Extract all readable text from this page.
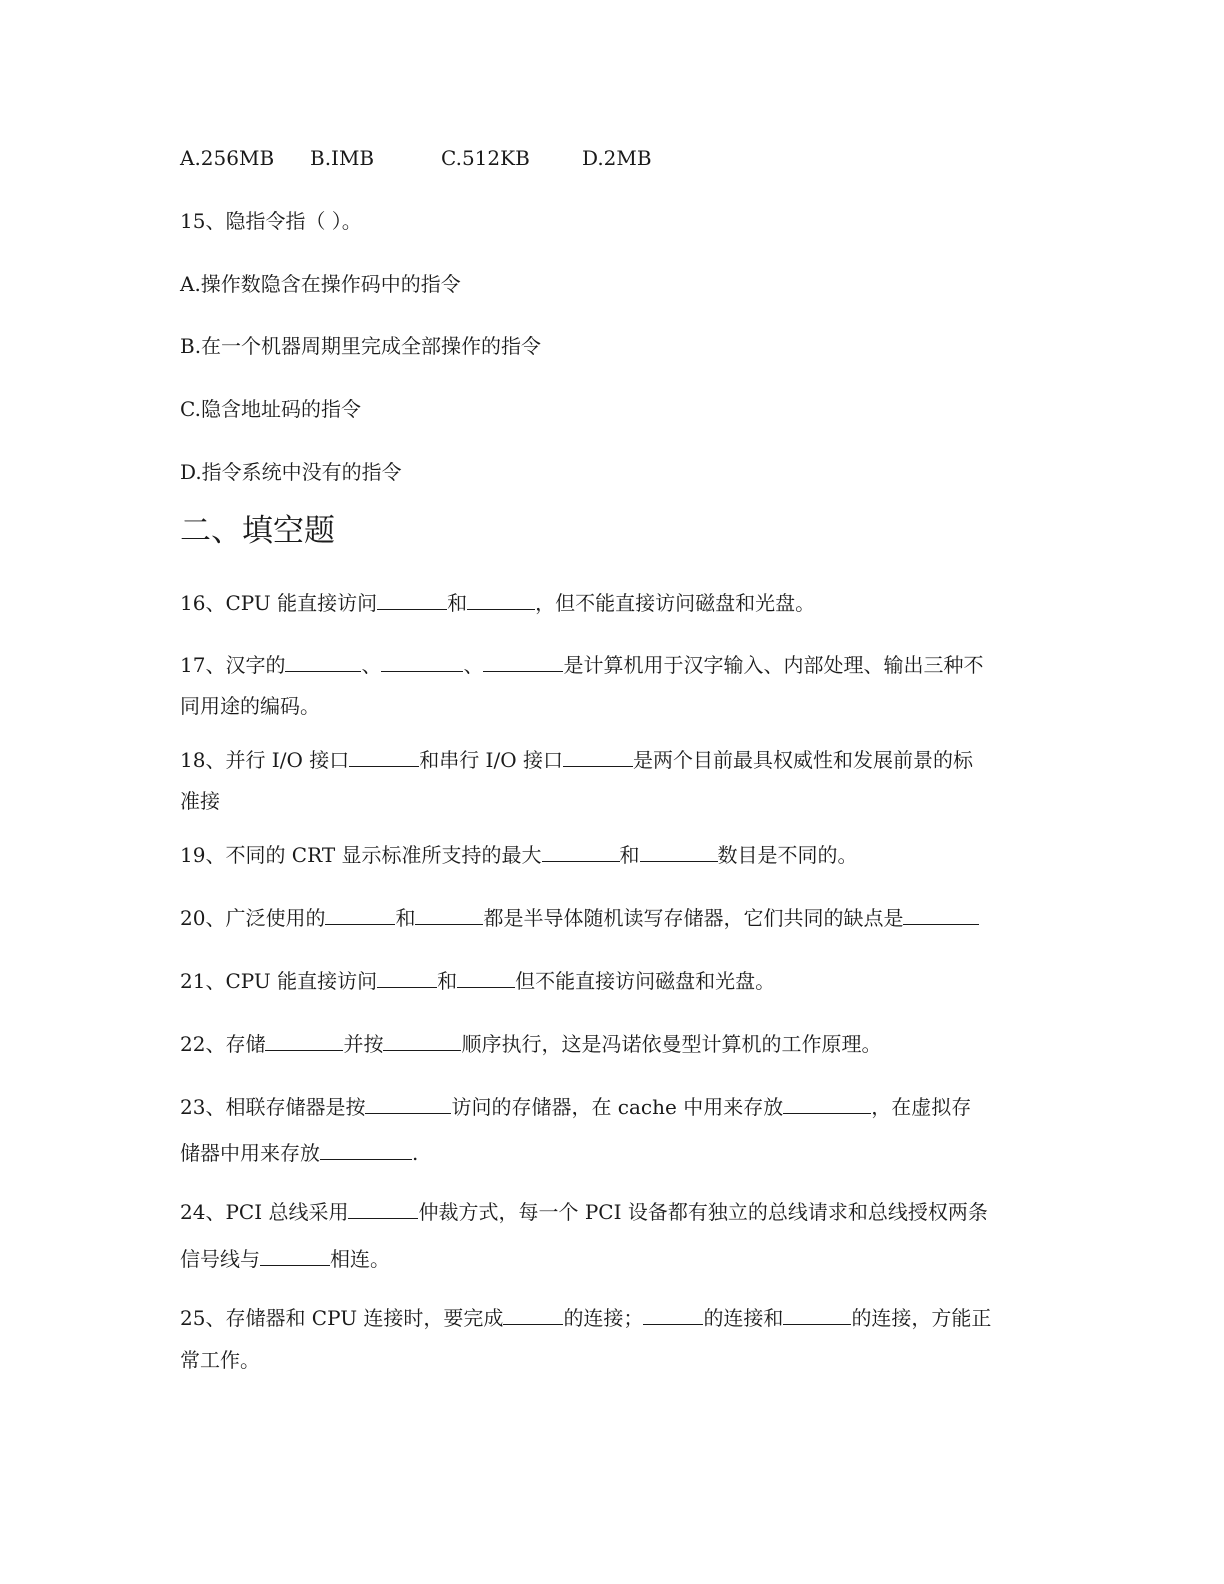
A.256MB B.IMB	C.512KB	D.2MB
15、隐指令指（ ）。
A.操作数隐含在操作码中的指令
B.在一个机器周期里完成全部操作的指令
C.隐含地址码的指令
D.指令系统中没有的指令
二、填空题
16、CPU 能直接访问	和	，但不能直接访问磁盘和光盘。
17、汉字的	、	、	是计算机用于汉字输入、内部处理、输出三种不
同用途的编码。
18、并行 I/O 接口	和串行 I/O 接口	是两个目前最具权威性和发展前景的标
准接
19、不同的 CRT 显示标准所支持的最大	和	数目是不同的。
20、广泛使用的	和	都是半导体随机读写存储器，它们共同的缺点是
21、CPU 能直接访问	和	但不能直接访问磁盘和光盘。
22、存储	并按	顺序执行，这是冯诺依曼型计算机的工作原理。
23、相联存储器是按	访问的存储器，在 cache 中用来存放	，在虚拟存
储器中用来存放	.
24、PCI 总线采用	仲裁方式，每一个 PCI 设备都有独立的总线请求和总线授权两条
信号线与	相连。
25、存储器和 CPU 连接时，要完成	的连接；	的连接和	的连接，方能正
常工作。
